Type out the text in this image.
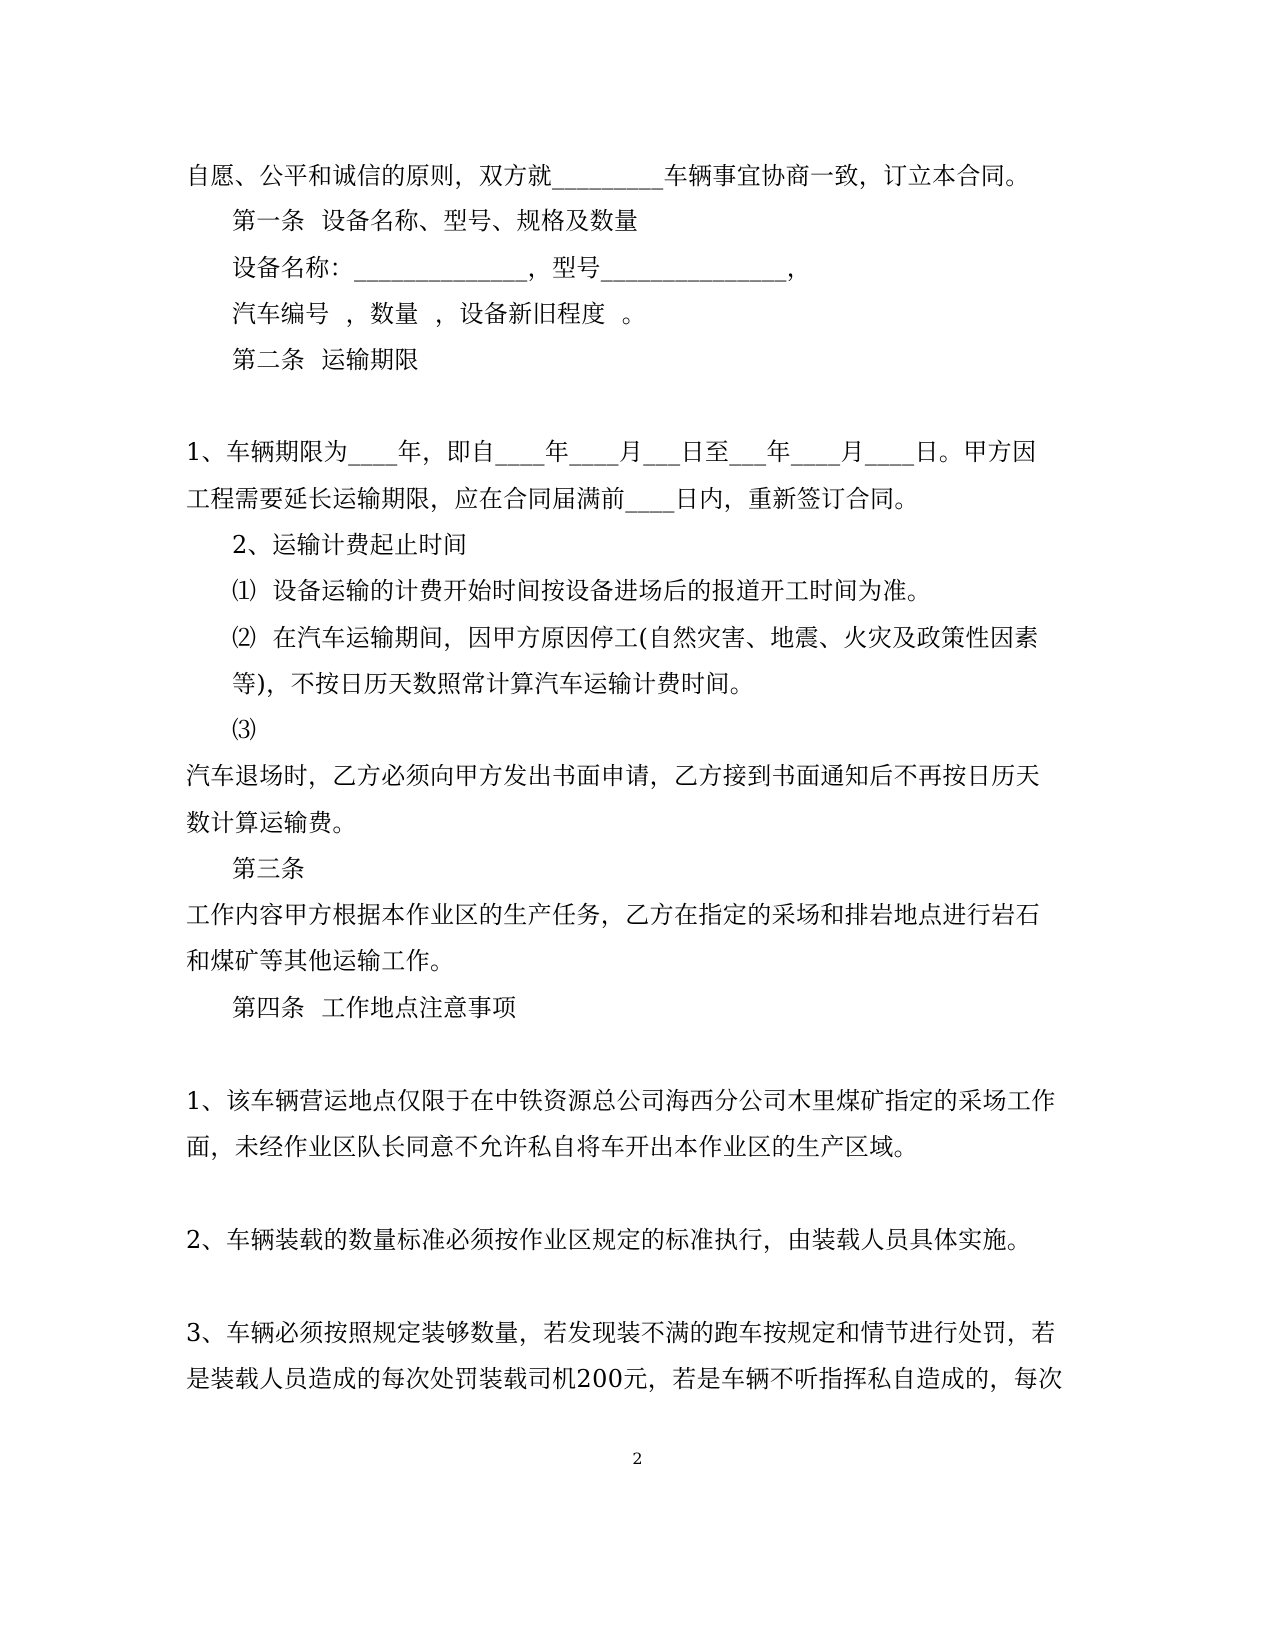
自愿、公平和诚信的原则，双方就_________车辆事宜协商一致，订立本合同。
第一条  设备名称、型号、规格及数量
设备名称：______________，型号_______________，
汽车编号  ，数量  ，设备新旧程度  。
第二条  运输期限
1、车辆期限为____年，即自____年____月___日至___年____月____日。甲方因
工程需要延长运输期限，应在合同届满前____日内，重新签订合同。
2、运输计费起止时间
⑴  设备运输的计费开始时间按设备进场后的报道开工时间为准。
⑵  在汽车运输期间，因甲方原因停工(自然灾害、地震、火灾及政策性因素
等)，不按日历天数照常计算汽车运输计费时间。
⑶
汽车退场时，乙方必须向甲方发出书面申请，乙方接到书面通知后不再按日历天
数计算运输费。
第三条
工作内容甲方根据本作业区的生产任务，乙方在指定的采场和排岩地点进行岩石
和煤矿等其他运输工作。
第四条  工作地点注意事项
1、该车辆营运地点仅限于在中铁资源总公司海西分公司木里煤矿指定的采场工作
面，未经作业区队长同意不允许私自将车开出本作业区的生产区域。
2、车辆装载的数量标准必须按作业区规定的标准执行，由装载人员具体实施。
3、车辆必须按照规定装够数量，若发现装不满的跑车按规定和情节进行处罚，若
是装载人员造成的每次处罚装载司机200元，若是车辆不听指挥私自造成的，每次
2
